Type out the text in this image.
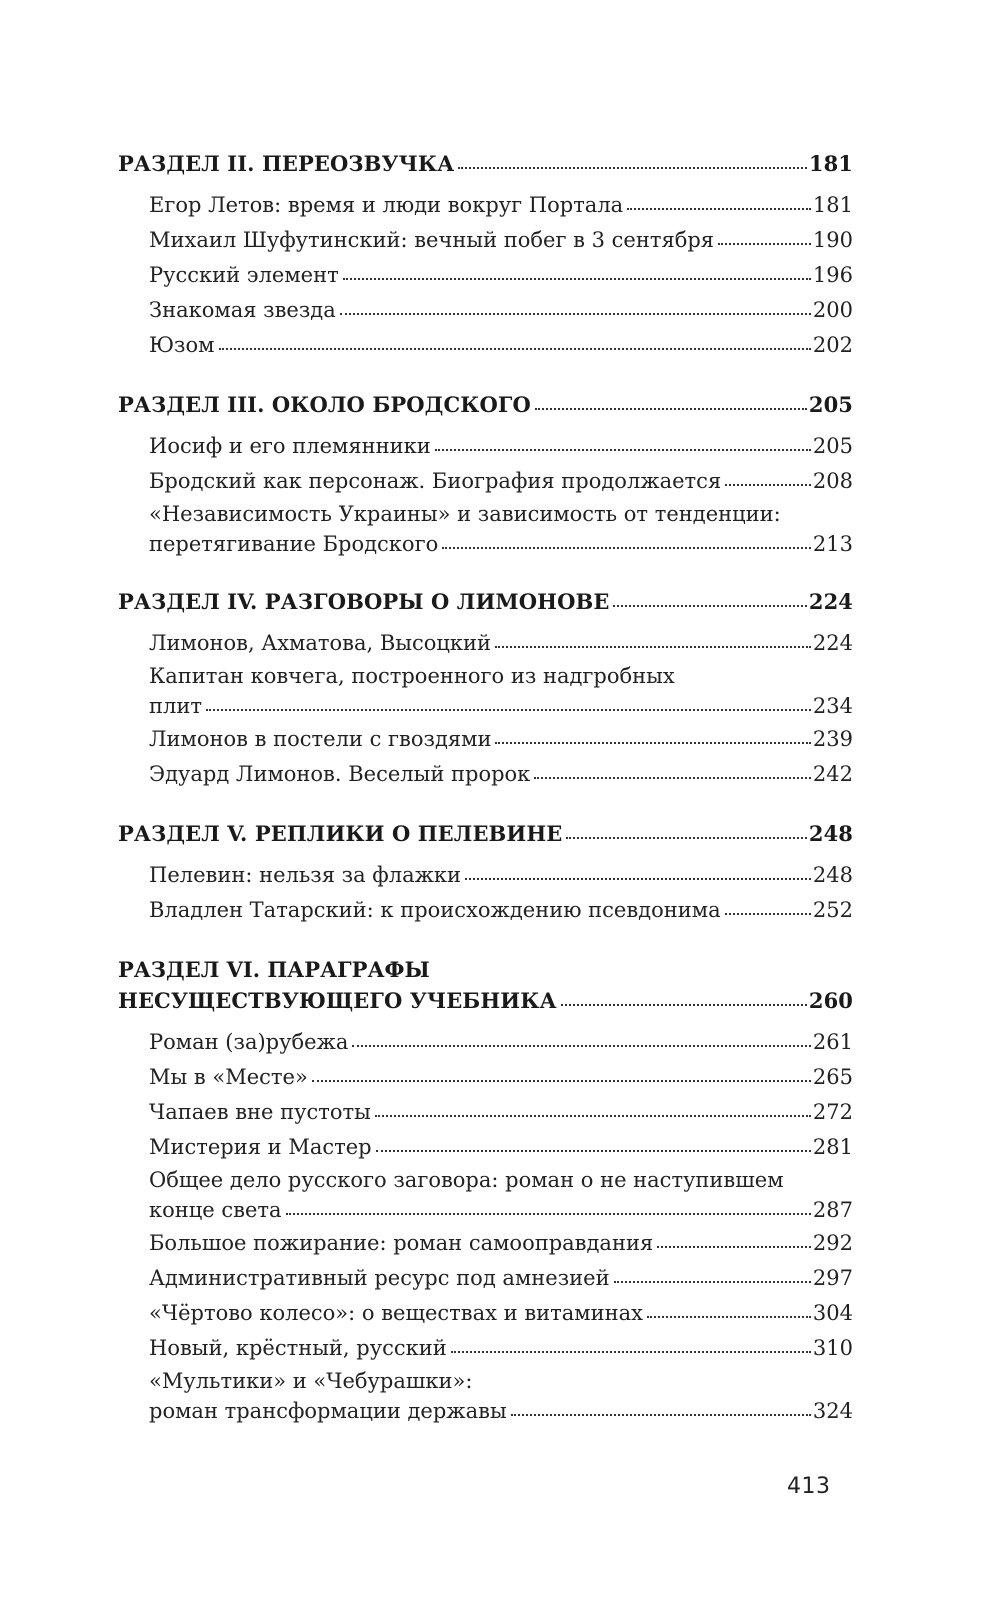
РАЗДЕЛ II. ПЕРЕОЗВУЧКА	181
Егор Летов: время и люди вокруг Портала	181
Михаил Шуфутинский: вечный побег в 3 сентября	190
Русский элемент	196
Знакомая звезда	200
Юзом	202
РАЗДЕЛ III. ОКОЛО БРОДСКОГО	205
Иосиф и его племянники	205
Бродский как персонаж. Биография продолжается	208
«Независимость Украины» и зависимость от тенденции:
перетягивание Бродского	213
РАЗДЕЛ IV. РАЗГОВОРЫ О ЛИМОНОВЕ	224
Лимонов, Ахматова, Высоцкий	224
Капитан ковчега, построенного из надгробных
плит	234
Лимонов в постели с гвоздями	239
Эдуард Лимонов. Веселый пророк	242
РАЗДЕЛ V. РЕПЛИКИ О ПЕЛЕВИНЕ	248
Пелевин: нельзя за флажки	248
Владлен Татарский: к происхождению псевдонима	252
РАЗДЕЛ VI. ПАРАГРАФЫ
НЕСУЩЕСТВУЮЩЕГО УЧЕБНИКА	260
Роман (за)рубежа	261
Мы в «Месте»	265
Чапаев вне пустоты	272
Мистерия и Мастер	281
Общее дело русского заговора: роман о не наступившем
конце света	287
Большое пожирание: роман самооправдания	292
Административный ресурс под амнезией	297
«Чёртово колесо»: о веществах и витаминах	304
Новый, крёстный, русский	310
«Мультики» и «Чебурашки»:
роман трансформации державы	324
413
